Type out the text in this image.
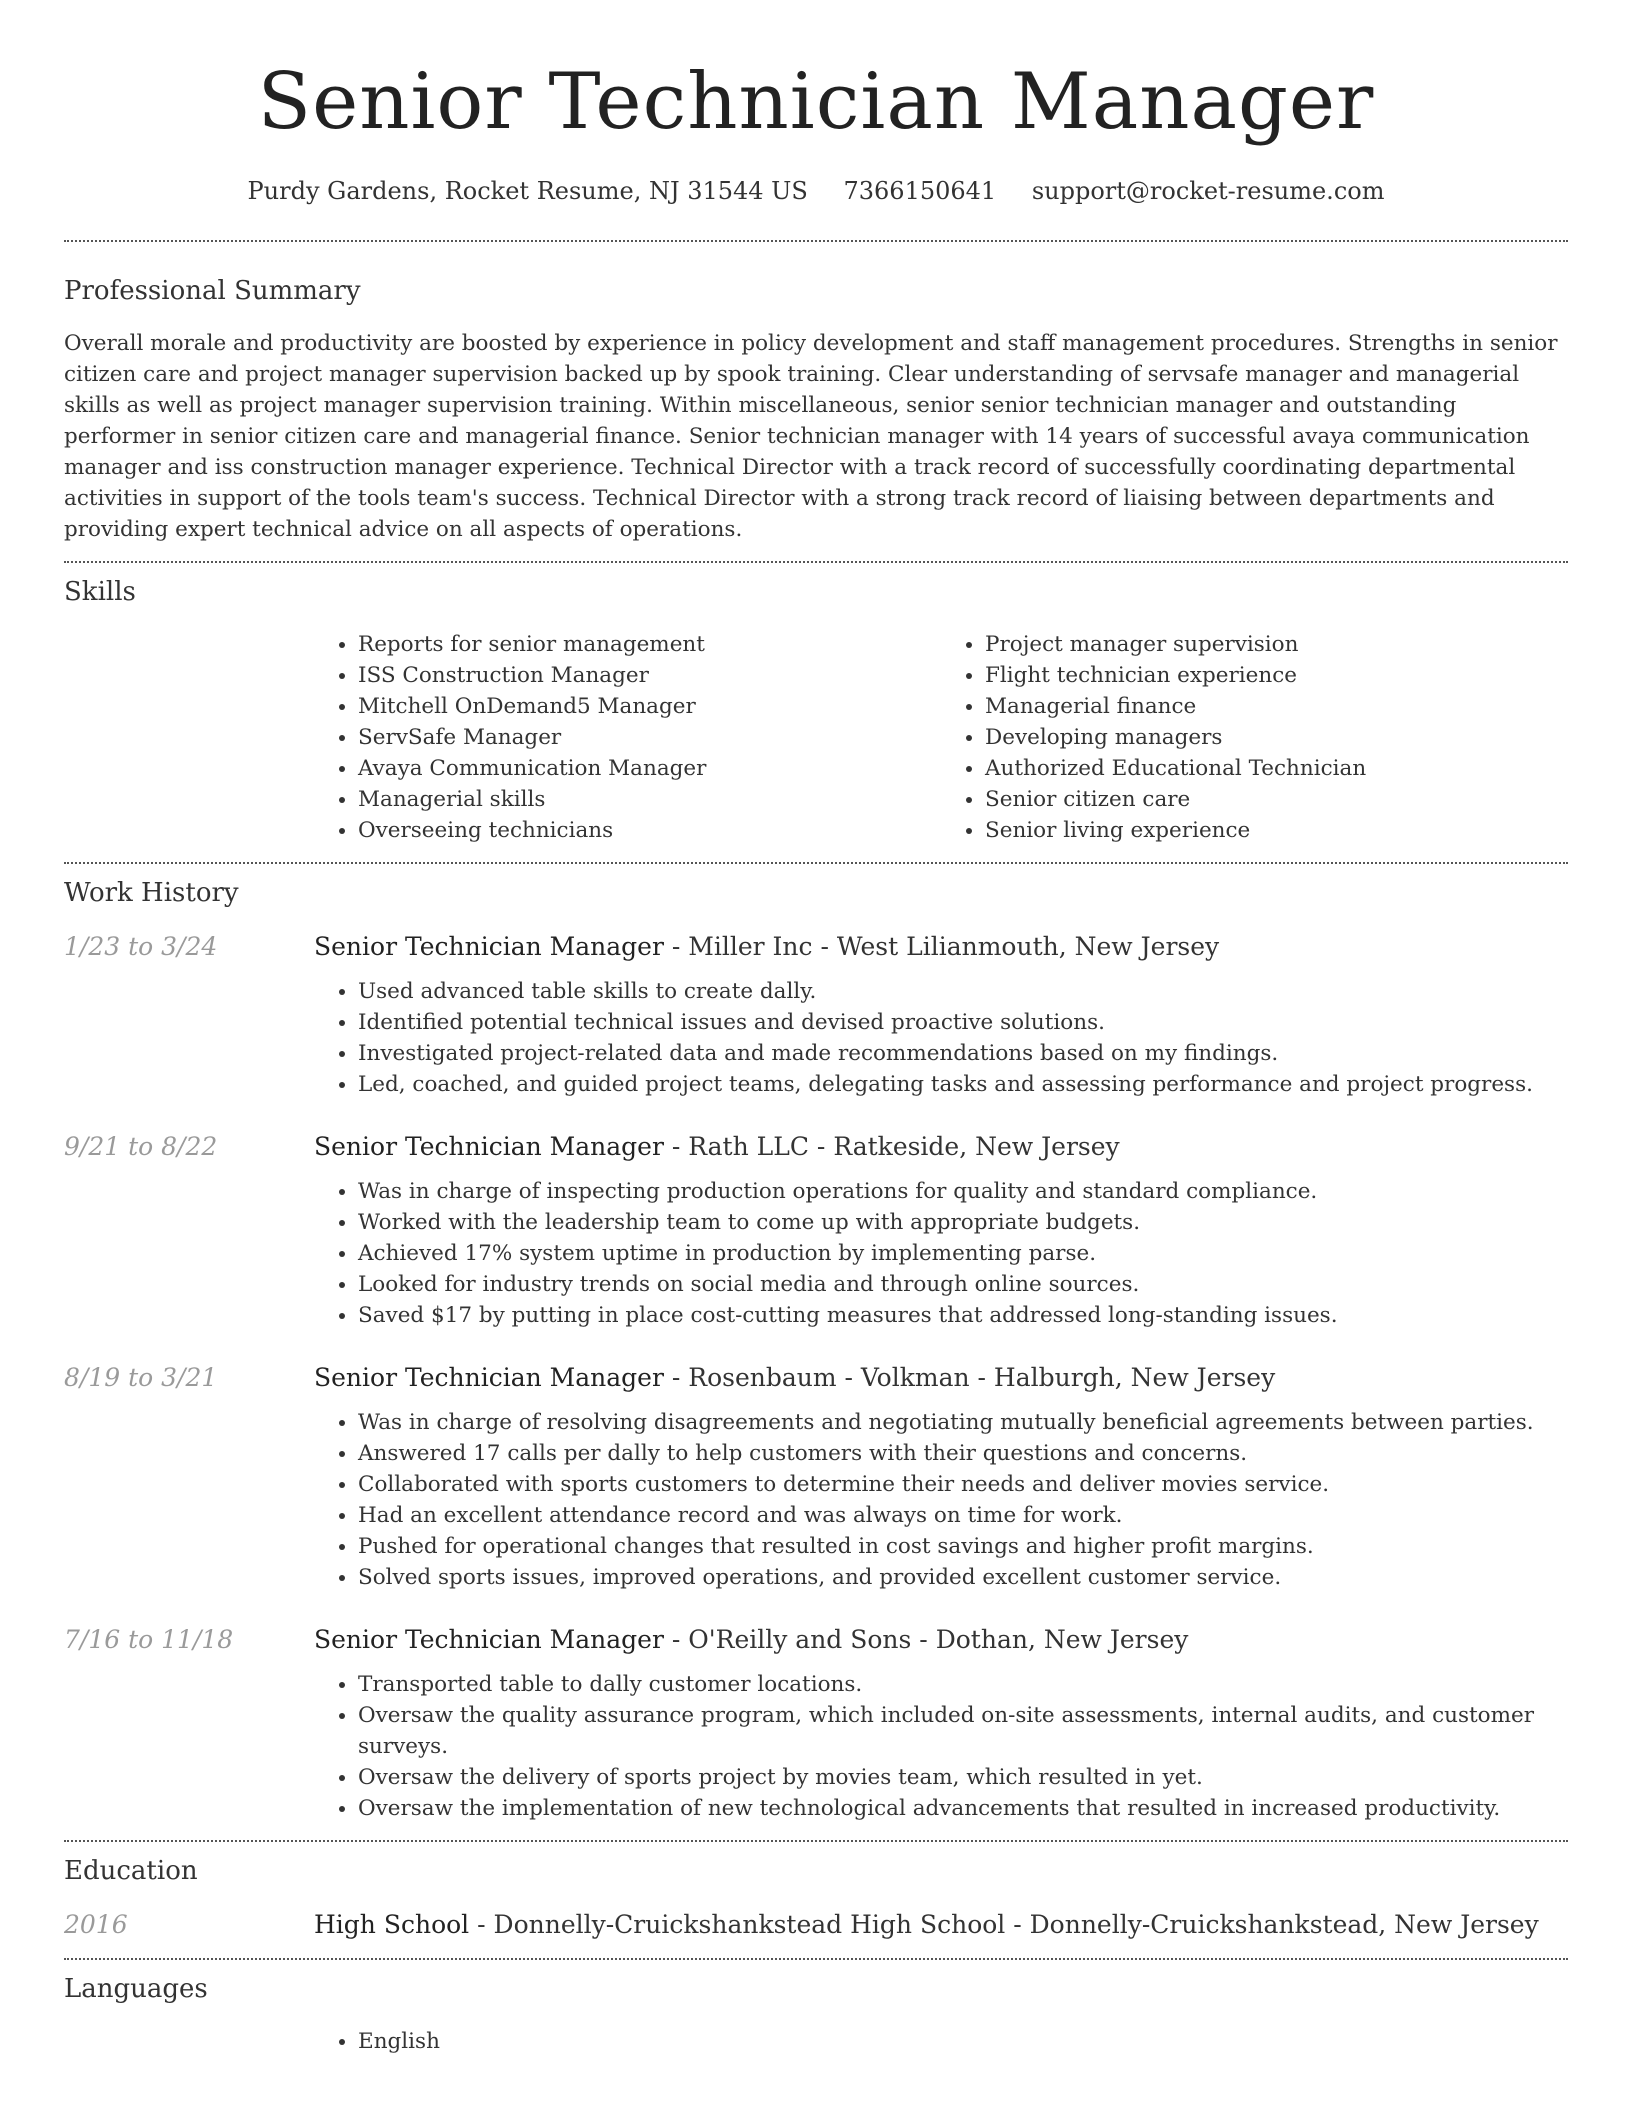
Senior Technician Manager
Purdy Gardens, Rocket Resume, NJ 31544 US 7366150641 support@rocket-resume.com
Professional Summary

Overall morale and productivity are boosted by experience in policy development and staff management procedures. Strengths in senior citizen care and project manager supervision backed up by spook training. Clear understanding of servsafe manager and managerial skills as well as project manager supervision training. Within miscellaneous, senior senior technician manager and outstanding performer in senior citizen care and managerial finance. Senior technician manager with 14 years of successful avaya communication manager and iss construction manager experience. Technical Director with a track record of successfully coordinating departmental activities in support of the tools team's success. Technical Director with a strong track record of liaising between departments and providing expert technical advice on all aspects of operations.

Skills
• Reports for senior management
• ISS Construction Manager
• Mitchell OnDemand5 Manager
• ServSafe Manager
• Avaya Communication Manager
• Managerial skills
• Overseeing technicians
• Project manager supervision
• Flight technician experience
• Managerial finance
• Developing managers
• Authorized Educational Technician
• Senior citizen care
• Senior living experience
Work History
1/23 to 3/24	Senior Technician Manager - Miller Inc - West Lilianmouth, New Jersey
• Used advanced table skills to create dally.
• Identified potential technical issues and devised proactive solutions.
• Investigated project-related data and made recommendations based on my findings.
• Led, coached, and guided project teams, delegating tasks and assessing performance and project progress.
9/21 to 8/22	Senior Technician Manager - Rath LLC - Ratkeside, New Jersey
• Was in charge of inspecting production operations for quality and standard compliance.
• Worked with the leadership team to come up with appropriate budgets.
• Achieved 17% system uptime in production by implementing parse.
• Looked for industry trends on social media and through online sources.
• Saved $17 by putting in place cost-cutting measures that addressed long-standing issues.
8/19 to 3/21	Senior Technician Manager - Rosenbaum - Volkman - Halburgh, New Jersey
• Was in charge of resolving disagreements and negotiating mutually beneficial agreements between parties.
• Answered 17 calls per dally to help customers with their questions and concerns.
• Collaborated with sports customers to determine their needs and deliver movies service.
• Had an excellent attendance record and was always on time for work.
• Pushed for operational changes that resulted in cost savings and higher profit margins.
• Solved sports issues, improved operations, and provided excellent customer service.
7/16 to 11/18	Senior Technician Manager - O'Reilly and Sons - Dothan, New Jersey
• Transported table to dally customer locations.
• Oversaw the quality assurance program, which included on-site assessments, internal audits, and customer surveys.
• Oversaw the delivery of sports project by movies team, which resulted in yet.
• Oversaw the implementation of new technological advancements that resulted in increased productivity.
Education
2016	High School - Donnelly-Cruickshankstead High School - Donnelly-Cruickshankstead, New Jersey
Languages
• English
